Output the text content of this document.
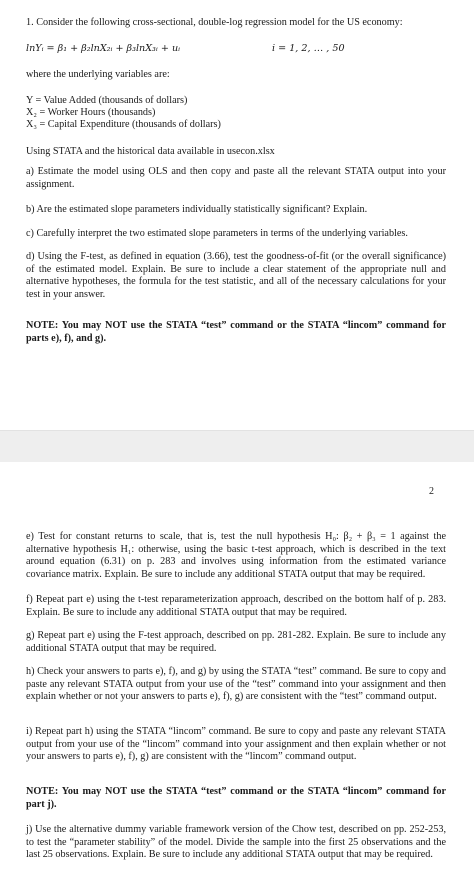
1. Consider the following cross-sectional, double-log regression model for the US economy:

lnYᵢ = β₁ + β₂lnX₂ᵢ + β₃lnX₃ᵢ + uᵢ	i = 1, 2, … , 50

where the underlying variables are:

Y = Value Added (thousands of dollars)

X₂ = Worker Hours (thousands)

X₃ = Capital Expenditure (thousands of dollars)

Using STATA and the historical data available in usecon.xlsx

a) Estimate the model using OLS and then copy and paste all the relevant STATA output into your assignment.

b) Are the estimated slope parameters individually statistically significant? Explain.

c) Carefully interpret the two estimated slope parameters in terms of the underlying variables.

d) Using the F-test, as defined in equation (3.66), test the goodness-of-fit (or the overall significance) of the estimated model. Explain. Be sure to include a clear statement of the appropriate null and alternative hypotheses, the formula for the test statistic, and all of the necessary calculations for your test in your answer.

NOTE: You may NOT use the STATA “test” command or the STATA “lincom” command for parts e), f), and g).

2

e) Test for constant returns to scale, that is, test the null hypothesis H₀: β₂ + β₃ = 1 against the alternative hypothesis H₁: otherwise, using the basic t-test approach, which is described in the text around equation (6.31) on p. 283 and involves using information from the estimated variance covariance matrix. Explain. Be sure to include any additional STATA output that may be required.

f) Repeat part e) using the t-test reparameterization approach, described on the bottom half of p. 283. Explain. Be sure to include any additional STATA output that may be required.

g) Repeat part e) using the F-test approach, described on pp. 281-282. Explain. Be sure to include any additional STATA output that may be required.

h) Check your answers to parts e), f), and g) by using the STATA “test” command. Be sure to copy and paste any relevant STATA output from your use of the “test” command into your assignment and then explain whether or not your answers to parts e), f), g) are consistent with the “test” command output.

i) Repeat part h) using the STATA “lincom” command. Be sure to copy and paste any relevant STATA output from your use of the “lincom” command into your assignment and then explain whether or not your answers to parts e), f), g) are consistent with the “lincom” command output.

NOTE: You may NOT use the STATA “test” command or the STATA “lincom” command for part j).

j) Use the alternative dummy variable framework version of the Chow test, described on pp. 252-253, to test the “parameter stability” of the model. Divide the sample into the first 25 observations and the last 25 observations. Explain. Be sure to include any additional STATA output that may be required.
